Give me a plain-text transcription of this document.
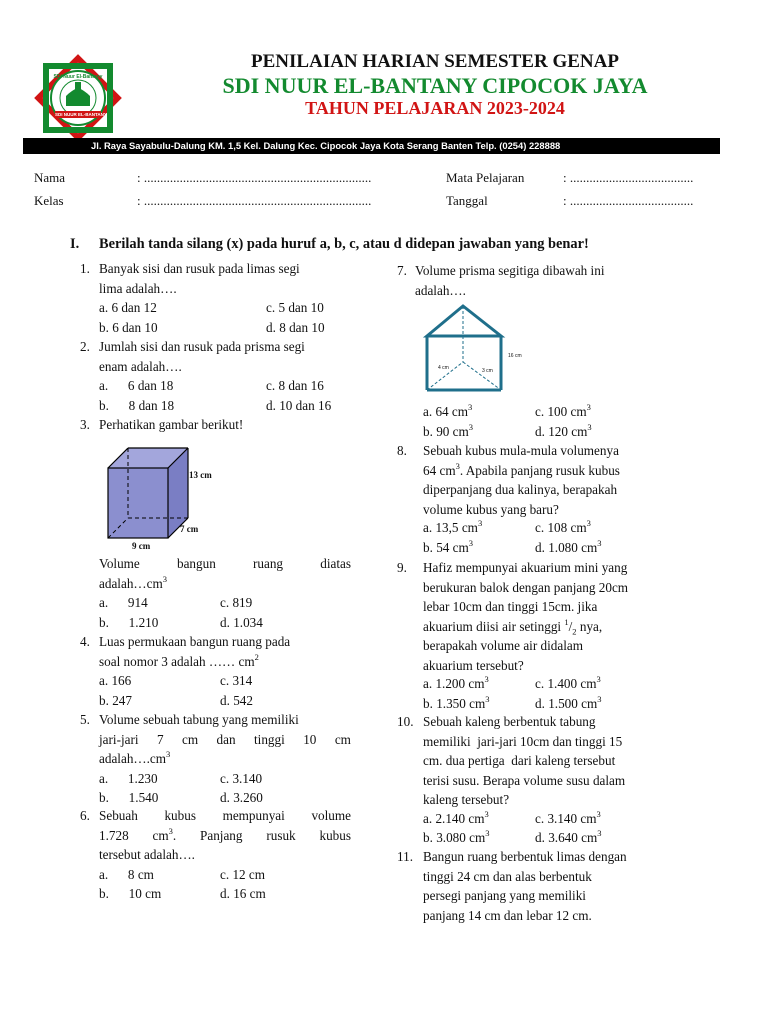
SDI Nuur El-Bantany
SDI NUUR EL-BANTANY
PENILAIAN HARIAN SEMESTER GENAP
SDI NUUR EL-BANTANY CIPOCOK JAYA
TAHUN PELAJARAN 2023-2024
Jl. Raya Sayabulu-Dalung KM. 1,5 Kel. Dalung Kec. Cipocok Jaya Kota Serang Banten Telp. (0254) 228888
Nama	: ......................................................................
Kelas	: ......................................................................
Mata Pelajaran	: ......................................
Tanggal	: ......................................
I. Berilah tanda silang (x) pada huruf a, b, c, atau d didepan jawaban yang benar!
1. Banyak sisi dan rusuk pada limas segi
lima adalah….
a. 6 dan 12	c. 5 dan 10
b. 6 dan 10	d. 8 dan 10
2. Jumlah sisi dan rusuk pada prisma segi
enam adalah….
a.      6 dan 18	c. 8 dan 16
b.      8 dan 18	d. 10 dan 16
3. Perhatikan gambar berikut!
13 cm
7 cm
9 cm
Volume	bangun	ruang	diatas
$adalah\dots cm^3$
a.      914	c. 819
b.      1.210	d. 1.034
4. Luas permukaan bangun ruang pada
soal nomor 3 adalah …… $cm^2$
a. 166	c. 314
b. 247	d. 542
5. Volume sebuah tabung yang memiliki
jari-jari 7 cm dan tinggi 10 cm
$adalah\dots.cm^3$
a.      1.230	c. 3.140
b.      1.540	d. 3.260
6. Sebuah kubus mempunyai volume
1.728 $cm^3$. Panjang rusuk kubus
tersebut adalah….
a.      8 cm	c. 12 cm
b.      10 cm	d. 16 cm
7. Volume prisma segitiga dibawah ini
adalah….
16 cm
4 cm	3 cm
a. 64 $cm^3$	c. 100 $cm^3$
b. 90 $cm^3$	d. 120 $cm^3$
8. Sebuah kubus mula-mula volumenya
64 $cm^3$. Apabila panjang rusuk kubus
diperpanjang dua kalinya, berapakah
volume kubus yang baru?
a. 13,5 $cm^3$	c. 108 $cm^3$
b. 54 $cm^3$	d. 1.080 $cm^3$
9. Hafiz mempunyai akuarium mini yang
berukuran balok dengan panjang 20cm
lebar 10cm dan tinggi 15cm. jika
akuarium diisi air setinggi $^1/_2$ nya,
berapakah volume air didalam
akuarium tersebut?
a. 1.200 $cm^3$	c. 1.400 $cm^3$
b. 1.350 $cm^3$	d. 1.500 $cm^3$
10. Sebuah kaleng berbentuk tabung
memiliki  jari-jari 10cm dan tinggi 15
cm. dua pertiga  dari kaleng tersebut
terisi susu. Berapa volume susu dalam
kaleng tersebut?
a. 2.140 $cm^3$	c. 3.140 $cm^3$
b. 3.080 $cm^3$	d. 3.640 $cm^3$
11. Bangun ruang berbentuk limas dengan
tinggi 24 cm dan alas berbentuk
persegi panjang yang memiliki
panjang 14 cm dan lebar 12 cm.
